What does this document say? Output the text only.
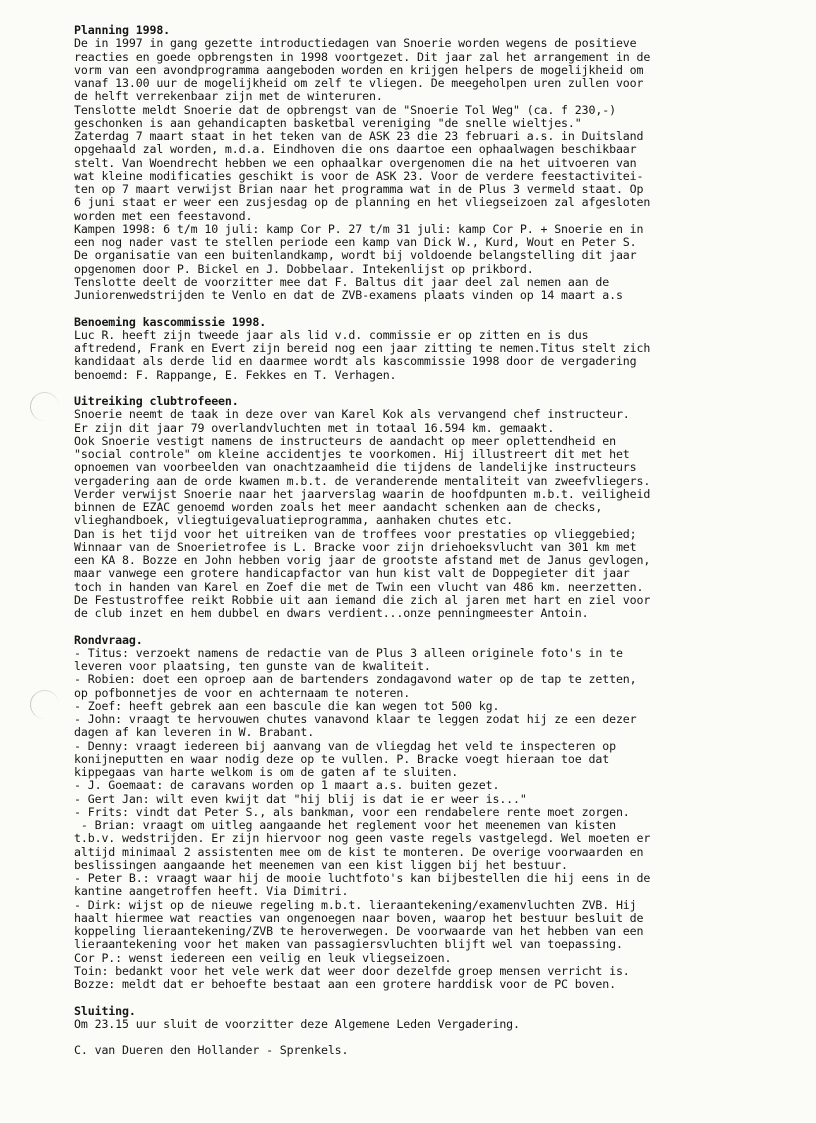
Planning 1998.
De in 1997 in gang gezette introductiedagen van Snoerie worden wegens de positieve
reacties en goede opbrengsten in 1998 voortgezet. Dit jaar zal het arrangement in de
vorm van een avondprogramma aangeboden worden en krijgen helpers de mogelijkheid om
vanaf 13.00 uur de mogelijkheid om zelf te vliegen. De meegeholpen uren zullen voor
de helft verrekenbaar zijn met de winteruren.
Tenslotte meldt Snoerie dat de opbrengst van de "Snoerie Tol Weg" (ca. f 230,-)
geschonken is aan gehandicapten basketbal vereniging "de snelle wieltjes."
Zaterdag 7 maart staat in het teken van de ASK 23 die 23 februari a.s. in Duitsland
opgehaald zal worden, m.d.a. Eindhoven die ons daartoe een ophaalwagen beschikbaar
stelt. Van Woendrecht hebben we een ophaalkar overgenomen die na het uitvoeren van
wat kleine modificaties geschikt is voor de ASK 23. Voor de verdere feestactivitei-
ten op 7 maart verwijst Brian naar het programma wat in de Plus 3 vermeld staat. Op
6 juni staat er weer een zusjesdag op de planning en het vliegseizoen zal afgesloten
worden met een feestavond.
Kampen 1998: 6 t/m 10 juli: kamp Cor P. 27 t/m 31 juli: kamp Cor P. + Snoerie en in
een nog nader vast te stellen periode een kamp van Dick W., Kurd, Wout en Peter S.
De organisatie van een buitenlandkamp, wordt bij voldoende belangstelling dit jaar
opgenomen door P. Bickel en J. Dobbelaar. Intekenlijst op prikbord.
Tenslotte deelt de voorzitter mee dat F. Baltus dit jaar deel zal nemen aan de
Juniorenwedstrijden te Venlo en dat de ZVB-examens plaats vinden op 14 maart a.s
Benoeming kascommissie 1998.
Luc R. heeft zijn tweede jaar als lid v.d. commissie er op zitten en is dus
aftredend, Frank en Evert zijn bereid nog een jaar zitting te nemen.Titus stelt zich
kandidaat als derde lid en daarmee wordt als kascommissie 1998 door de vergadering
benoemd: F. Rappange, E. Fekkes en T. Verhagen.
Uitreiking clubtrofeeen.
Snoerie neemt de taak in deze over van Karel Kok als vervangend chef instructeur.
Er zijn dit jaar 79 overlandvluchten met in totaal 16.594 km. gemaakt.
Ook Snoerie vestigt namens de instructeurs de aandacht op meer oplettendheid en
"social controle" om kleine accidentjes te voorkomen. Hij illustreert dit met het
opnoemen van voorbeelden van onachtzaamheid die tijdens de landelijke instructeurs
vergadering aan de orde kwamen m.b.t. de veranderende mentaliteit van zweefvliegers.
Verder verwijst Snoerie naar het jaarverslag waarin de hoofdpunten m.b.t. veiligheid
binnen de EZAC genoemd worden zoals het meer aandacht schenken aan de checks,
vlieghandboek, vliegtuigevaluatieprogramma, aanhaken chutes etc.
Dan is het tijd voor het uitreiken van de troffees voor prestaties op vlieggebied;
Winnaar van de Snoerietrofee is L. Bracke voor zijn driehoeksvlucht van 301 km met
een KA 8. Bozze en John hebben vorig jaar de grootste afstand met de Janus gevlogen,
maar vanwege een grotere handicapfactor van hun kist valt de Doppegieter dit jaar
toch in handen van Karel en Zoef die met de Twin een vlucht van 486 km. neerzetten.
De Festustroffee reikt Robbie uit aan iemand die zich al jaren met hart en ziel voor
de club inzet en hem dubbel en dwars verdient...onze penningmeester Antoin.
Rondvraag.
- Titus: verzoekt namens de redactie van de Plus 3 alleen originele foto's in te
leveren voor plaatsing, ten gunste van de kwaliteit.
- Robien: doet een oproep aan de bartenders zondagavond water op de tap te zetten,
op pofbonnetjes de voor en achternaam te noteren.
- Zoef: heeft gebrek aan een bascule die kan wegen tot 500 kg.
- John: vraagt te hervouwen chutes vanavond klaar te leggen zodat hij ze een dezer
dagen af kan leveren in W. Brabant.
- Denny: vraagt iedereen bij aanvang van de vliegdag het veld te inspecteren op
konijneputten en waar nodig deze op te vullen. P. Bracke voegt hieraan toe dat
kippegaas van harte welkom is om de gaten af te sluiten.
- J. Goemaat: de caravans worden op 1 maart a.s. buiten gezet.
- Gert Jan: wilt even kwijt dat "hij blij is dat ie er weer is..."
- Frits: vindt dat Peter S., als bankman, voor een rendabelere rente moet zorgen.
- Brian: vraagt om uitleg aangaande het reglement voor het meenemen van kisten
t.b.v. wedstrijden. Er zijn hiervoor nog geen vaste regels vastgelegd. Wel moeten er
altijd minimaal 2 assistenten mee om de kist te monteren. De overige voorwaarden en
beslissingen aangaande het meenemen van een kist liggen bij het bestuur.
- Peter B.: vraagt waar hij de mooie luchtfoto's kan bijbestellen die hij eens in de
kantine aangetroffen heeft. Via Dimitri.
- Dirk: wijst op de nieuwe regeling m.b.t. lieraantekening/examenvluchten ZVB. Hij
haalt hiermee wat reacties van ongenoegen naar boven, waarop het bestuur besluit de
koppeling lieraantekening/ZVB te heroverwegen. De voorwaarde van het hebben van een
lieraantekening voor het maken van passagiersvluchten blijft wel van toepassing.
Cor P.: wenst iedereen een veilig en leuk vliegseizoen.
Toin: bedankt voor het vele werk dat weer door dezelfde groep mensen verricht is.
Bozze: meldt dat er behoefte bestaat aan een grotere harddisk voor de PC boven.
Sluiting.
Om 23.15 uur sluit de voorzitter deze Algemene Leden Vergadering.
C. van Dueren den Hollander - Sprenkels.
